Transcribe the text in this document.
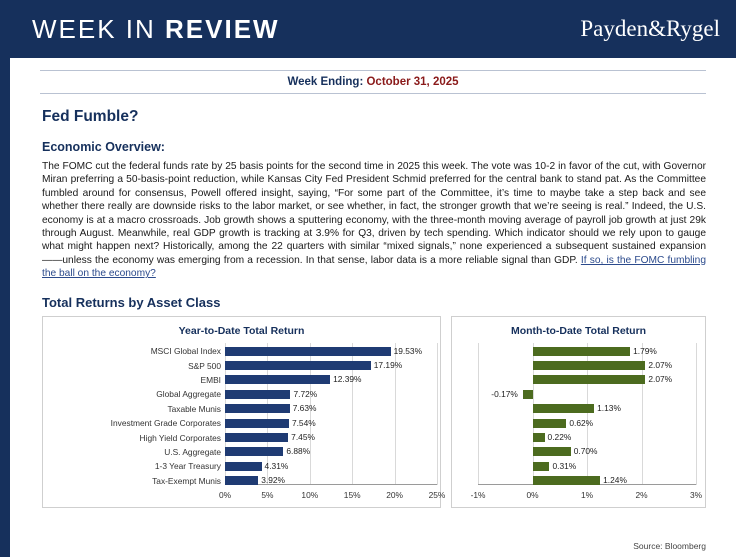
WEEK IN REVIEW	Payden&Rygel
Week Ending: October 31, 2025
Fed Fumble?
Economic Overview:

The FOMC cut the federal funds rate by 25 basis points for the second time in 2025 this week. The vote was 10-2 in favor of the cut, with Governor Miran preferring a 50-basis-point reduction, while Kansas City Fed President Schmid preferred for the central bank to stand pat. As the Committee fumbled around for consensus, Powell offered insight, saying, “For some part of the Committee, it’s time to maybe take a step back and see whether there really are downside risks to the labor market, or see whether, in fact, the stronger growth that we’re seeing is real.” Indeed, the U.S. economy is at a macro crossroads. Job growth shows a sputtering economy, with the three-month moving average of payroll job growth at just 29k through August. Meanwhile, real GDP growth is tracking at 3.9% for Q3, driven by tech spending. Which indicator should we rely upon to gauge what might happen next? Historically, among the 22 quarters with similar “mixed signals,” none experienced a subsequent sustained expansion——unless the economy was emerging from a recession. In that sense, labor data is a more reliable signal than GDP. If so, is the FOMC fumbling the ball on the economy?

Total Returns by Asset Class
Year-to-Date Total Return
0%	5%	10%	15%	20%	25%
MSCI Global Index	19.53%
S&P 500	17.19%
EMBI	12.39%
Global Aggregate	7.72%
Taxable Munis	7.63%
Investment Grade Corporates	7.54%
High Yield Corporates	7.45%
U.S. Aggregate	6.88%
1-3 Year Treasury	4.31%
Tax-Exempt Munis	3.92%
Month-to-Date Total Return
-1%	0%	1%	2%	3%
1.79%
2.07%
2.07%
-0.17%
1.13%
0.62%
0.22%
0.70%
0.31%
1.24%
Source: Bloomberg
